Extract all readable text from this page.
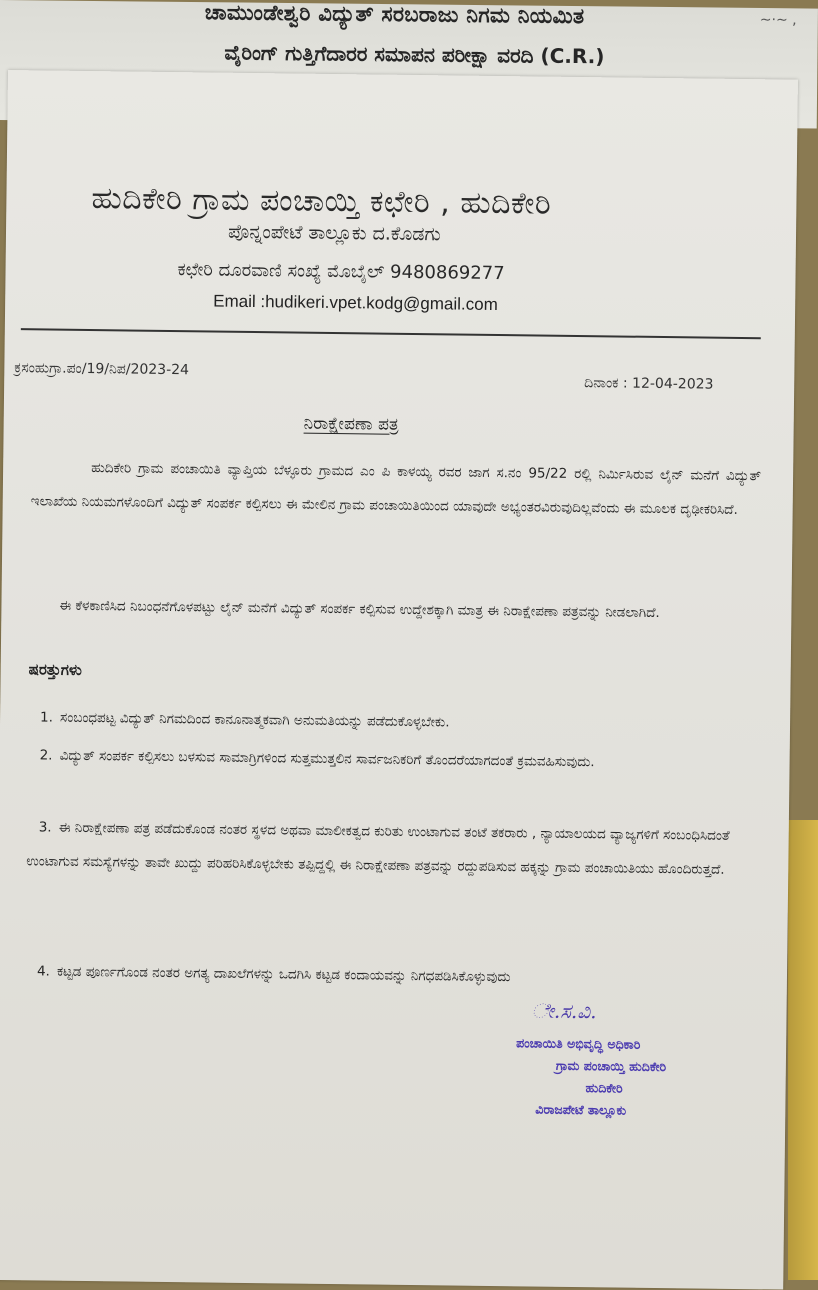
ಚಾಮುಂಡೇಶ್ವರಿ ವಿದ್ಯುತ್ ಸರಬರಾಜು ನಿಗಮ ನಿಯಮಿತ
ವೈರಿಂಗ್ ಗುತ್ತಿಗೆದಾರರ ಸಮಾಪನ ಪರೀಕ್ಷಾ ವರದಿ (C.R.)
~·~ ,
ಹುದಿಕೇರಿ ಗ್ರಾಮ ಪಂಚಾಯ್ತಿ ಕಛೇರಿ , ಹುದಿಕೇರಿ
ಪೊನ್ನಂಪೇಟೆ ತಾಲ್ಲೂಕು ದ.ಕೊಡಗು
ಕಛೇರಿ ದೂರವಾಣಿ ಸಂಖ್ಯೆ ಮೊಬೈಲ್ 9480869277
Email :hudikeri.vpet.kodg@gmail.com
ಕ್ರಸಂಹುಗ್ರಾ.ಪಂ/19/ನಿಪ/2023-24
ದಿನಾಂಕ : 12-04-2023
ನಿರಾಕ್ಷೇಪಣಾ ಪತ್ರ
ಹುದಿಕೇರಿ ಗ್ರಾಮ ಪಂಚಾಯಿತಿ ವ್ಯಾಪ್ತಿಯ ಬೆಳ್ಳೂರು ಗ್ರಾಮದ ಎಂ ಪಿ ಕಾಳಯ್ಯ ರವರ ಜಾಗ ಸ.ನಂ 95/22 ರಲ್ಲಿ ನಿರ್ಮಿಸಿರುವ ಲೈನ್ ಮನೆಗೆ ವಿದ್ಯುತ್ ಇಲಾಖೆಯ ನಿಯಮಗಳೊಂದಿಗೆ ವಿದ್ಯುತ್ ಸಂಪರ್ಕ ಕಲ್ಪಿಸಲು ಈ ಮೇಲಿನ ಗ್ರಾಮ ಪಂಚಾಯಿತಿಯಿಂದ ಯಾವುದೇ ಅಭ್ಯಂತರವಿರುವುದಿಲ್ಲವೆಂದು ಈ ಮೂಲಕ ದೃಢೀಕರಿಸಿದೆ.
ಈ ಕೆಳಕಾಣಿಸಿದ ನಿಬಂಧನೆಗೊಳಪಟ್ಟು ಲೈನ್ ಮನೆಗೆ ವಿದ್ಯುತ್ ಸಂಪರ್ಕ ಕಲ್ಪಿಸುವ ಉದ್ದೇಶಕ್ಕಾಗಿ ಮಾತ್ರ ಈ ನಿರಾಕ್ಷೇಪಣಾ ಪತ್ರವನ್ನು ನೀಡಲಾಗಿದೆ.
ಷರತ್ತುಗಳು
1. ಸಂಬಂಧಪಟ್ಟ ವಿದ್ಯುತ್ ನಿಗಮದಿಂದ ಕಾನೂನಾತ್ಮಕವಾಗಿ ಅನುಮತಿಯನ್ನು ಪಡೆದುಕೊಳ್ಳಬೇಕು.
2. ವಿದ್ಯುತ್ ಸಂಪರ್ಕ ಕಲ್ಪಿಸಲು ಬಳಸುವ ಸಾಮಾಗ್ರಿಗಳಿಂದ ಸುತ್ತಮುತ್ತಲಿನ ಸಾರ್ವಜನಿಕರಿಗೆ ತೊಂದರೆಯಾಗದಂತೆ ಕ್ರಮವಹಿಸುವುದು.
3. ಈ ನಿರಾಕ್ಷೇಪಣಾ ಪತ್ರ ಪಡೆದುಕೊಂಡ ನಂತರ ಸ್ಥಳದ ಅಥವಾ ಮಾಲೀಕತ್ವದ ಕುರಿತು ಉಂಟಾಗುವ ತಂಟೆ ತಕರಾರು , ನ್ಯಾಯಾಲಯದ ವ್ಯಾಜ್ಯಗಳಿಗೆ ಸಂಬಂಧಿಸಿದಂತೆ ಉಂಟಾಗುವ ಸಮಸ್ಯೆಗಳನ್ನು ತಾವೇ ಖುದ್ದು ಪರಿಹರಿಸಿಕೊಳ್ಳಬೇಕು ತಪ್ಪಿದ್ದಲ್ಲಿ ಈ ನಿರಾಕ್ಷೇಪಣಾ ಪತ್ರವನ್ನು ರದ್ದುಪಡಿಸುವ ಹಕ್ಕನ್ನು ಗ್ರಾಮ ಪಂಚಾಯಿತಿಯು ಹೊಂದಿರುತ್ತದೆ.
4. ಕಟ್ಟಡ ಪೂರ್ಣಗೊಂಡ ನಂತರ ಅಗತ್ಯ ದಾಖಲೆಗಳನ್ನು ಒದಗಿಸಿ ಕಟ್ಟಡ ಕಂದಾಯವನ್ನು ನಿಗಧಪಡಿಸಿಕೊಳ್ಳುವುದು
ೇ.ಸ.ವಿ.
ಪಂಚಾಯಿತಿ ಅಭಿವೃದ್ಧಿ ಅಧಿಕಾರಿ
ಗ್ರಾಮ ಪಂಚಾಯ್ತಿ ಹುದಿಕೇರಿ
ಹುದಿಕೇರಿ
ವಿರಾಜಪೇಟೆ ತಾಲ್ಲೂಕು
